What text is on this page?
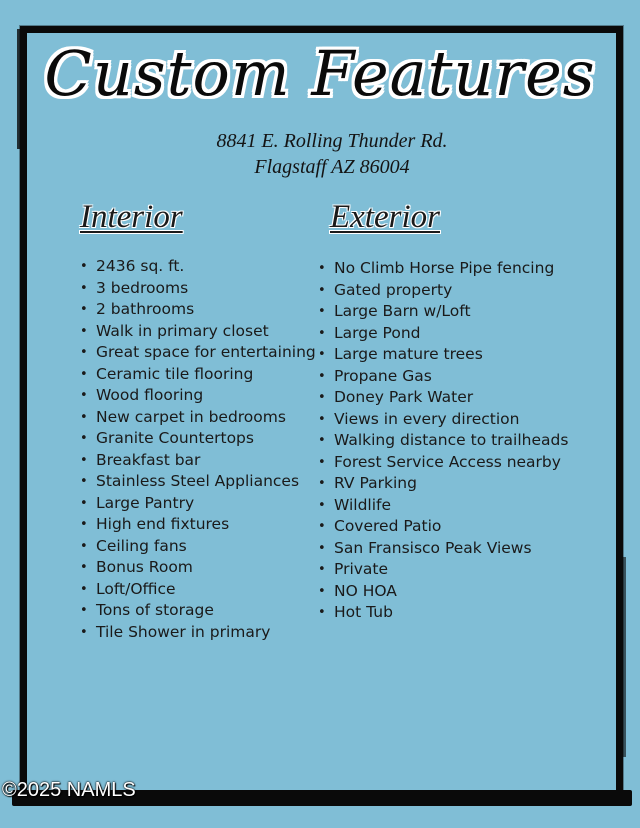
Custom Features
8841 E. Rolling Thunder Rd.
Flagstaff AZ 86004
Interior	Exterior
• 2436 sq. ft.
• 3 bedrooms
• 2 bathrooms
• Walk in primary closet
• Great space for entertaining
• Ceramic tile flooring
• Wood flooring
• New carpet in bedrooms
• Granite Countertops
• Breakfast bar
• Stainless Steel Appliances
• Large Pantry
• High end fixtures
• Ceiling fans
• Bonus Room
• Loft/Office
• Tons of storage
• Tile Shower in primary
• No Climb Horse Pipe fencing
• Gated property
• Large Barn w/Loft
• Large Pond
• Large mature trees
• Propane Gas
• Doney Park Water
• Views in every direction
• Walking distance to trailheads
• Forest Service Access nearby
• RV Parking
• Wildlife
• Covered Patio
• San Fransisco Peak Views
• Private
• NO HOA
• Hot Tub
©2025 NAMLS
